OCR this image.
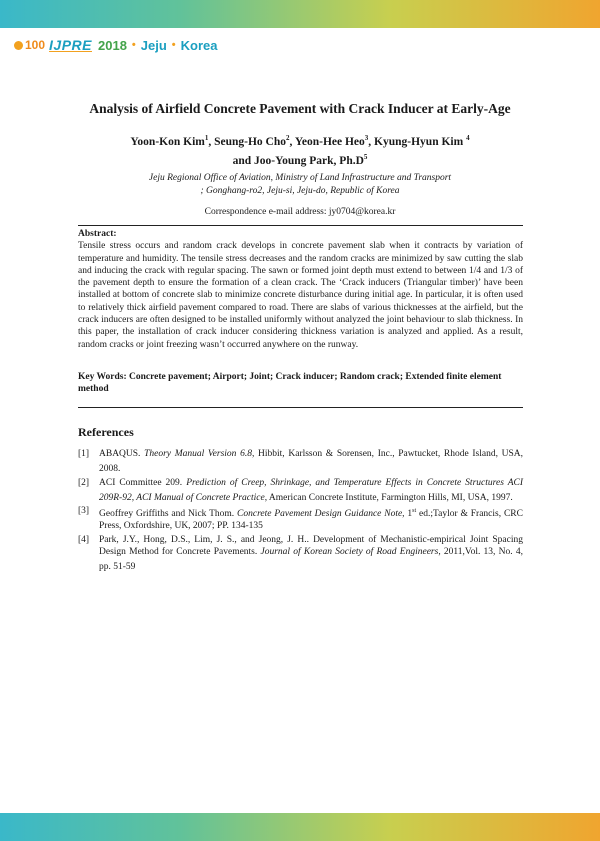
100 IJPRE 2018 • Jeju • Korea
Analysis of Airfield Concrete Pavement with Crack Inducer at Early-Age
Yoon-Kon Kim$^1$, Seung-Ho Cho$^2$, Yeon-Hee Heo$^3$, Kyung-Hyun Kim $^4$
and Joo-Young Park, $Ph.D^5$
Jeju Regional Office of Aviation, Ministry of Land Infrastructure and Transport
; Gonghang-ro2, Jeju-si, Jeju-do, Republic of Korea
Correspondence e-mail address: jy0704@korea.kr
Abstract:
Tensile stress occurs and random crack develops in concrete pavement slab when it contracts by variation of temperature and humidity. The tensile stress decreases and the random cracks are minimized by saw cutting the slab and inducing the crack with regular spacing. The sawn or formed joint depth must extend to between 1/4 and 1/3 of the pavement depth to ensure the formation of a clean crack. The ‘Crack inducers (Triangular timber)’ have been installed at bottom of concrete slab to minimize concrete disturbance during initial age. In particular, it is often used to relatively thick airfield pavement compared to road. There are slabs of various thicknesses at the airfield, but the crack inducers are often designed to be installed uniformly without analyzed the joint behaviour to slab thickness. In this paper, the installation of crack inducer considering thickness variation is analyzed and applied. As a result, random cracks or joint freezing wasn’t occurred anywhere on the runway.
Key Words: Concrete pavement; Airport; Joint; Crack inducer; Random crack; Extended finite element method
References
[1]	ABAQUS. Theory Manual Version 6.8, Hibbit, Karlsson & Sorensen, Inc., Pawtucket, Rhode Island, USA, 2008.
[2]	ACI Committee 209. Prediction of Creep, Shrinkage, and Temperature Effects in Concrete Structures ACI 209R-92, ACI Manual of Concrete Practice, American Concrete Institute, Farmington Hills, MI, USA, 1997.
[3]	Geoffrey Griffiths and Nick Thom. Concrete Pavement Design Guidance Note, 1st ed.;Taylor & Francis, CRC Press, Oxfordshire, UK, 2007; PP. 134-135
[4]	Park, J.Y., Hong, D.S., Lim, J. S., and Jeong, J. H.. Development of Mechanistic-empirical Joint Spacing Design Method for Concrete Pavements. Journal of Korean Society of Road Engineers, 2011,Vol. 13, No. 4, pp. 51-59
